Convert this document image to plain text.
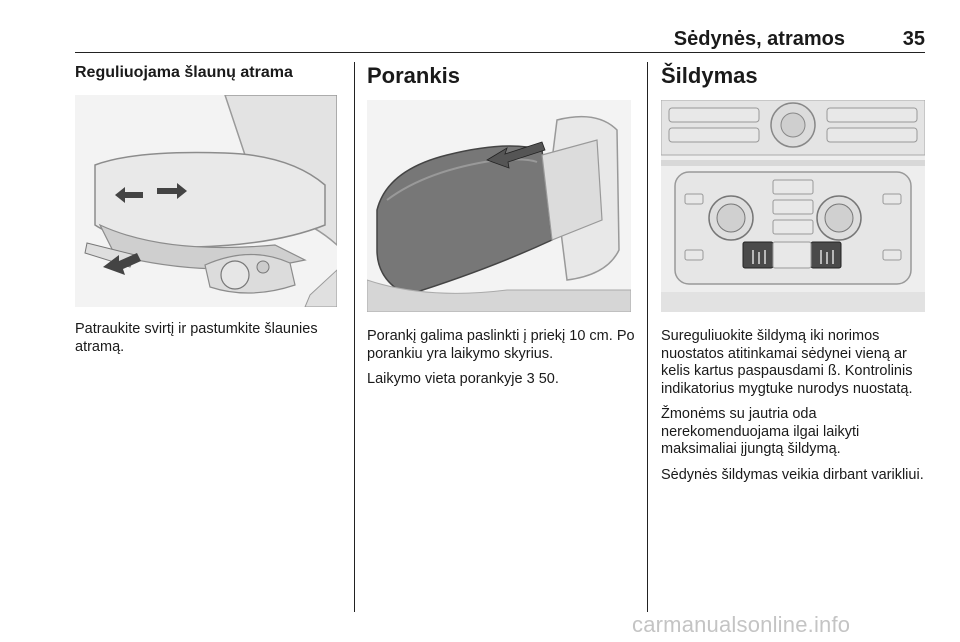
Sėdynės, atramos	35
Reguliuojama šlaunų atrama

Patraukite svirtį ir pastumkite šlaunies atramą.

Porankis

Porankį galima paslinkti į priekį 10 cm. Po porankiu yra laikymo skyrius.

Laikymo vieta porankyje 3 50.

Šildymas

Sureguliuokite šildymą iki norimos nuostatos atitinkamai sėdynei vieną ar kelis kartus paspausdami ß. Kontrolinis indikatorius mygtuke nurodys nuostatą.

Žmonėms su jautria oda nerekomenduojama ilgai laikyti maksimaliai įjungtą šildymą.

Sėdynės šildymas veikia dirbant varikliui.

carmanualsonline.info
